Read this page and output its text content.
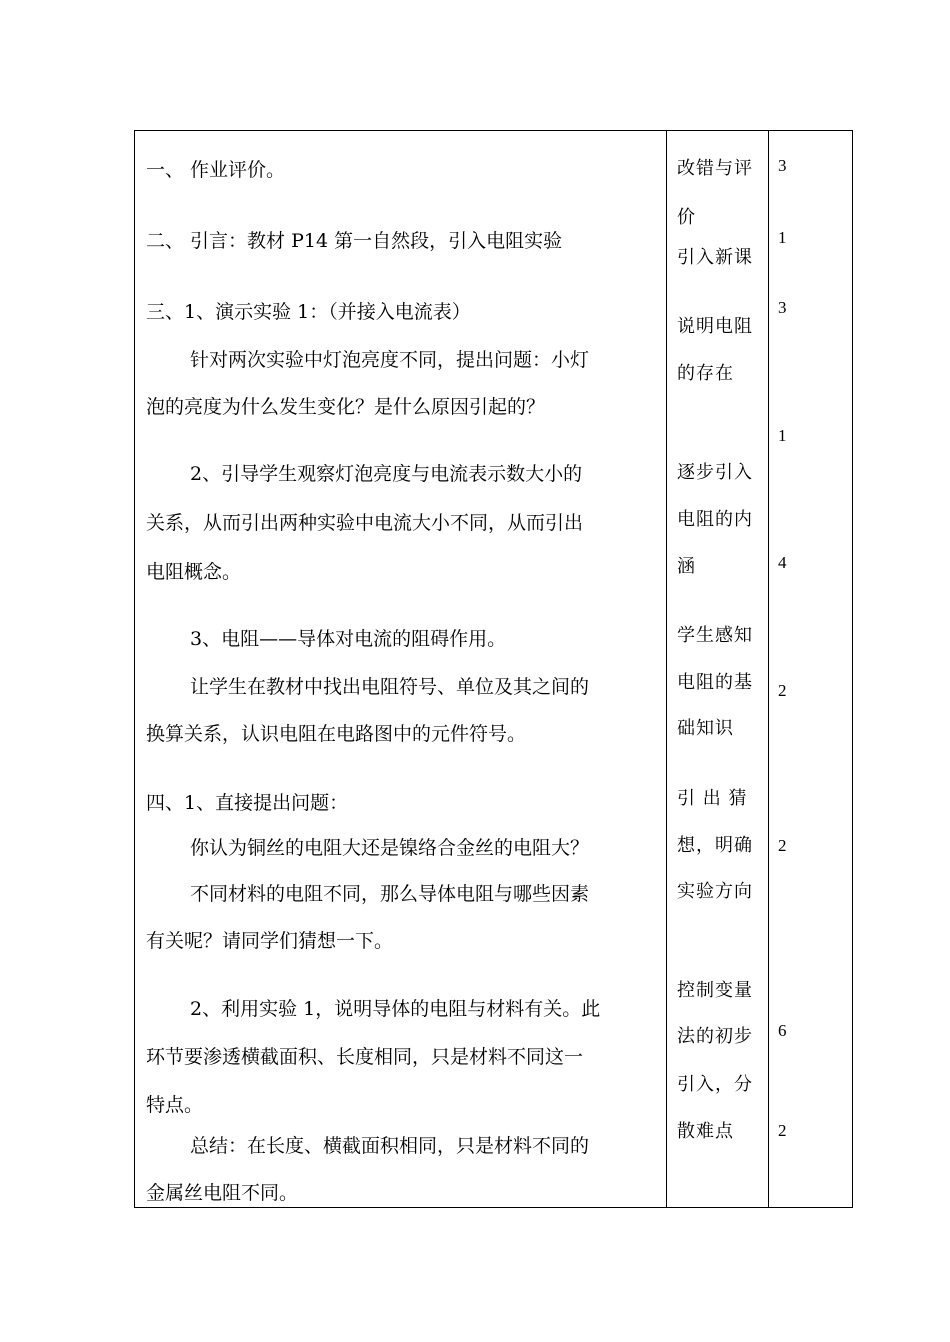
一、 作业评价。
二、 引言：教材 P14 第一自然段，引入电阻实验
三、1、演示实验 1：（并接入电流表）
针对两次实验中灯泡亮度不同，提出问题：小灯
泡的亮度为什么发生变化？是什么原因引起的？
2、引导学生观察灯泡亮度与电流表示数大小的
关系，从而引出两种实验中电流大小不同，从而引出
电阻概念。
3、电阻——导体对电流的阻碍作用。
让学生在教材中找出电阻符号、单位及其之间的
换算关系，认识电阻在电路图中的元件符号。
四、1、直接提出问题：
你认为铜丝的电阻大还是镍络合金丝的电阻大？
不同材料的电阻不同，那么导体电阻与哪些因素
有关呢？请同学们猜想一下。
2、利用实验 1，说明导体的电阻与材料有关。此
环节要渗透横截面积、长度相同，只是材料不同这一
特点。
总结：在长度、横截面积相同，只是材料不同的
金属丝电阻不同。
改错与评
价
引入新课
说明电阻
的存在
逐步引入
电阻的内
涵
学生感知
电阻的基
础知识
引 出 猜
想，明确
实验方向
控制变量
法的初步
引入，分
散难点
3
1
3
1
4
2
2
6
2
